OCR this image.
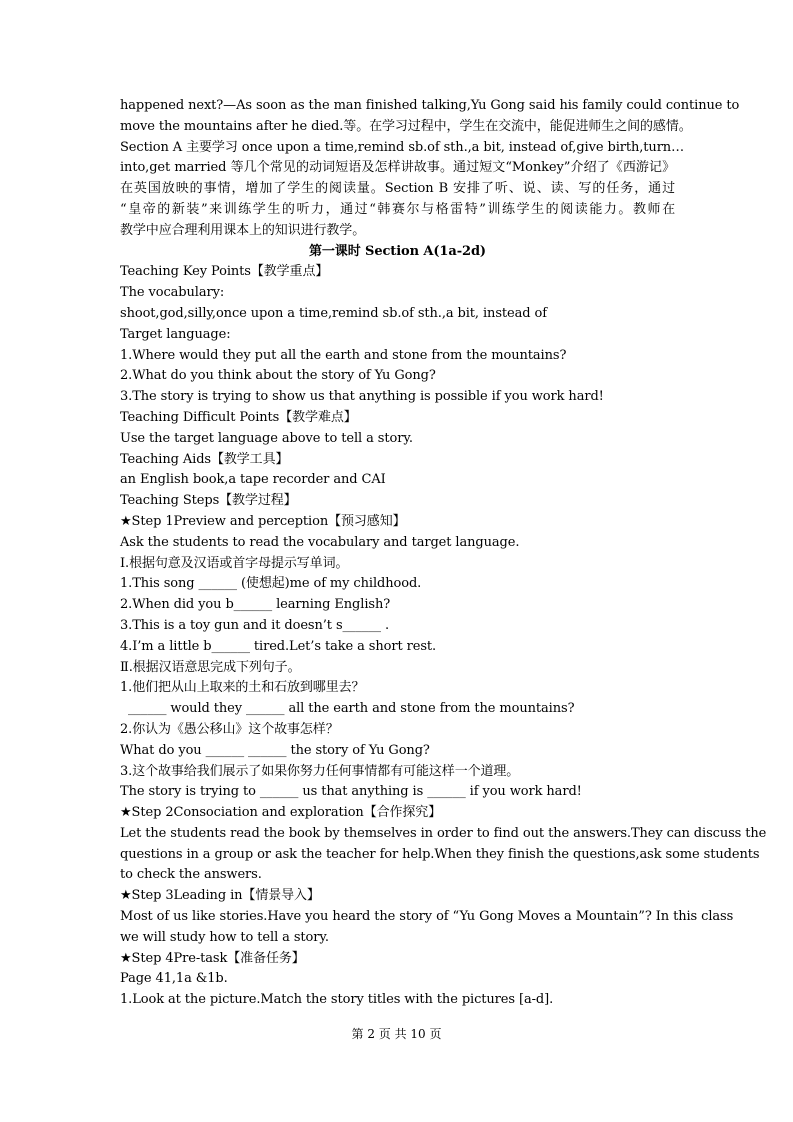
happened next?—As soon as the man finished talking,Yu Gong said his family could continue to
move the mountains after he died.等。在学习过程中，学生在交流中，能促进师生之间的感情。
Section A 主要学习 once upon a time,remind sb.of sth.,a bit, instead of,give birth,turn…
into,get married 等几个常见的动词短语及怎样讲故事。通过短文“Monkey”介绍了《西游记》
在英国放映的事情，增加了学生的阅读量。Section B 安排了听、说、读、写的任务，通过
“皇帝的新装”来训练学生的听力，通过“韩赛尔与格雷特”训练学生的阅读能力。教师在
教学中应合理利用课本上的知识进行教学。
第一课时 Section A(1a-2d)
Teaching Key Points【教学重点】
The vocabulary:
shoot,god,silly,once upon a time,remind sb.of sth.,a bit, instead of
Target language:
1.Where would they put all the earth and stone from the mountains?
2.What do you think about the story of Yu Gong?
3.The story is trying to show us that anything is possible if you work hard!
Teaching Difficult Points【教学难点】
Use the target language above to tell a story.
Teaching Aids【教学工具】
an English book,a tape recorder and CAI
Teaching Steps【教学过程】
★Step 1Preview and perception【预习感知】
Ask the students to read the vocabulary and target language.
Ⅰ.根据句意及汉语或首字母提示写单词。
1.This song ______ (使想起)me of my childhood.
2.When did you b______ learning English?
3.This is a toy gun and it doesn’t s______ .
4.I’m a little b______ tired.Let’s take a short rest.
Ⅱ.根据汉语意思完成下列句子。
1.他们把从山上取来的土和石放到哪里去？
______ would they ______ all the earth and stone from the mountains?
2.你认为《愚公移山》这个故事怎样？
What do you ______ ______ the story of Yu Gong?
3.这个故事给我们展示了如果你努力任何事情都有可能这样一个道理。
The story is trying to ______ us that anything is ______ if you work hard!
★Step 2Consociation and exploration【合作探究】
Let the students read the book by themselves in order to find out the answers.They can discuss the
questions in a group or ask the teacher for help.When they finish the questions,ask some students
to check the answers.
★Step 3Leading in【情景导入】
Most of us like stories.Have you heard the story of “Yu Gong Moves a Mountain”? In this class
we will study how to tell a story.
★Step 4Pre-task【准备任务】
Page 41,1a &1b.
1.Look at the picture.Match the story titles with the pictures [a-d].
第 2 页 共 10 页
